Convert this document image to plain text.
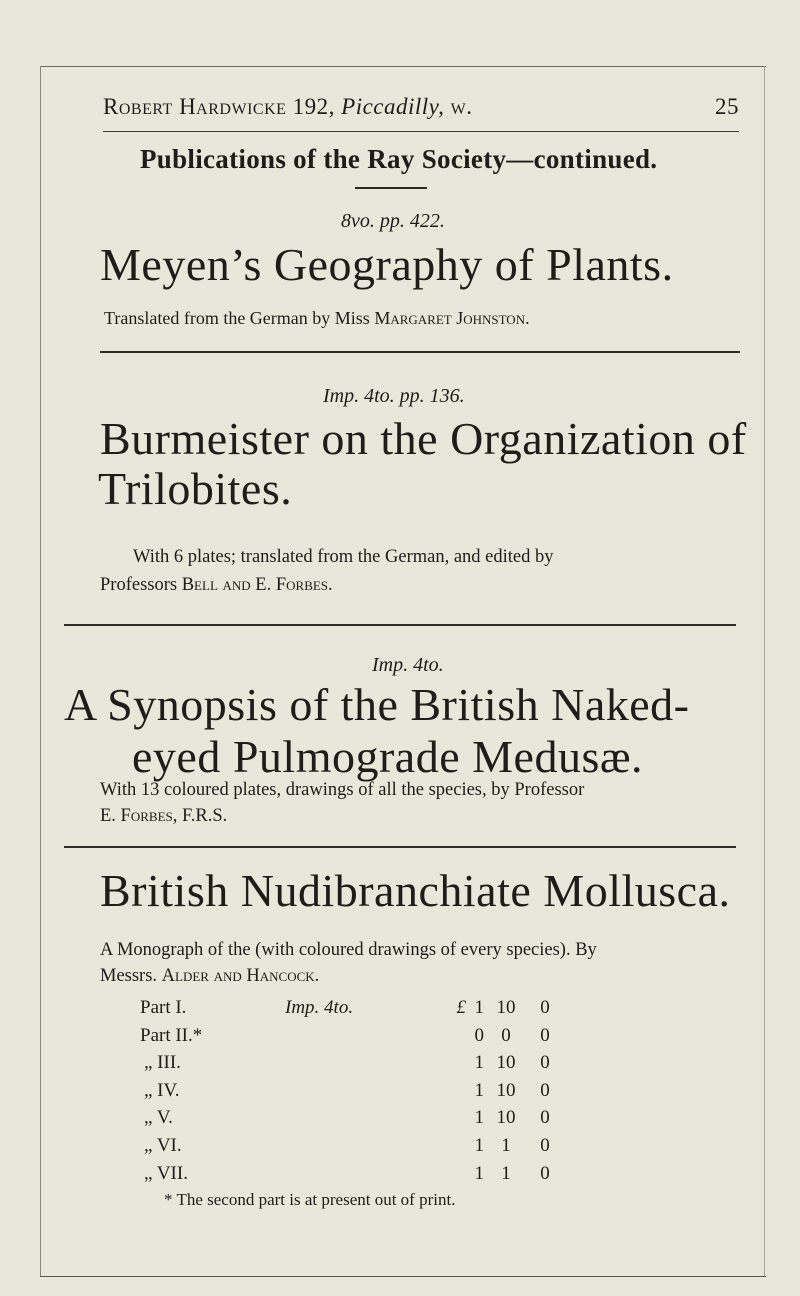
Robert Hardwicke 192, Piccadilly, w.	25
Publications of the Ray Society—continued.
8vo. pp. 422.
Meyen’s Geography of Plants.
Translated from the German by Miss Margaret Johnston.
Imp. 4to. pp. 136.
Burmeister on the Organization of
Trilobites.
With 6 plates; translated from the German, and edited by
Professors Bell and E. Forbes.
Imp. 4to.
A Synopsis of the British Naked-
eyed Pulmograde Medusæ.
With 13 coloured plates, drawings of all the species, by Professor
E. Forbes, F.R.S.
British Nudibranchiate Mollusca.
A Monograph of the (with coloured drawings of every species). By
Messrs. Alder and Hancock.
Part I.	Imp. 4to.	£ 1 10	0
Part II.*	0 0	0
„ III.	1 10	0
„ IV.	1 10	0
„ V.	1 10	0
„ VI.	1 1	0
„ VII.	1 1	0
* The second part is at present out of print.
